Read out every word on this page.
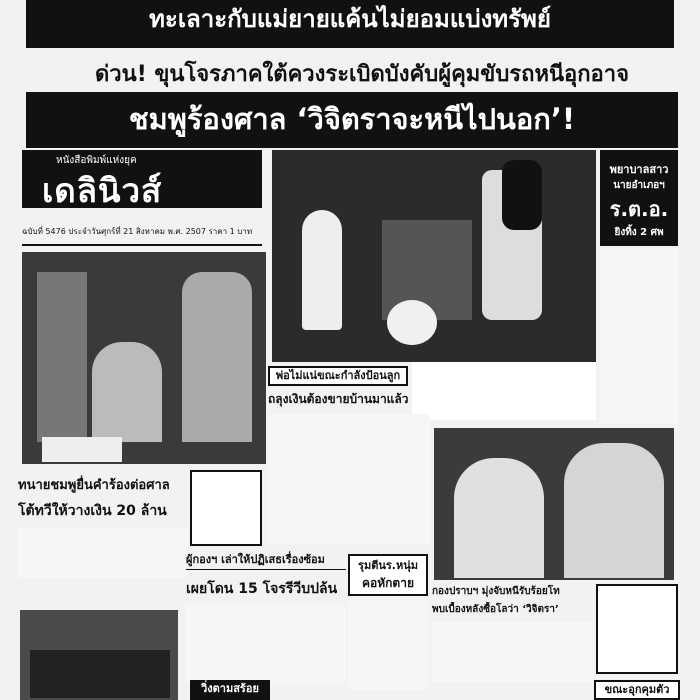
ทะเลาะกับแม่ยายแค้นไม่ยอมแบ่งทรัพย์
ด่วน! ขุนโจรภาคใต้ควงระเบิดบังคับผู้คุมขับรถหนีอุกอาจ
ชมพูร้องศาล ‘วิจิตราจะหนีไปนอก’!
หนังสือพิมพ์แห่งยุค
เดลินิวส์
ฉบับที่ 5476 ประจำวันศุกร์ที่ 21 สิงหาคม พ.ศ. 2507 ราคา 1 บาท
พยาบาลสาว
นายอำเภอฯ
ร.ต.อ.
ยิงทิ้ง 2 ศพ
พ่อไม่แน่ขณะกำลังป้อนลูก
ถลุงเงินต้องขายบ้านมาแล้ว
ทนายชมพูยื่นคำร้องต่อศาล
โต้ทวีให้วางเงิน 20 ล้าน
ผู้กองฯ เล่าให้ปฏิเสธเรื่องซ้อม
เผยโดน 15 โจรรีวีบปล้น
รุมตีนร.หนุ่ม
คอหักตาย
กองปราบฯ มุ่งจับหนีรับร้อยโท
พบเบื้องหลังซื้อโลว่า ‘วิจิตรา’
วิ่งตามสร้อย	ขณะอุกคุมตัว
